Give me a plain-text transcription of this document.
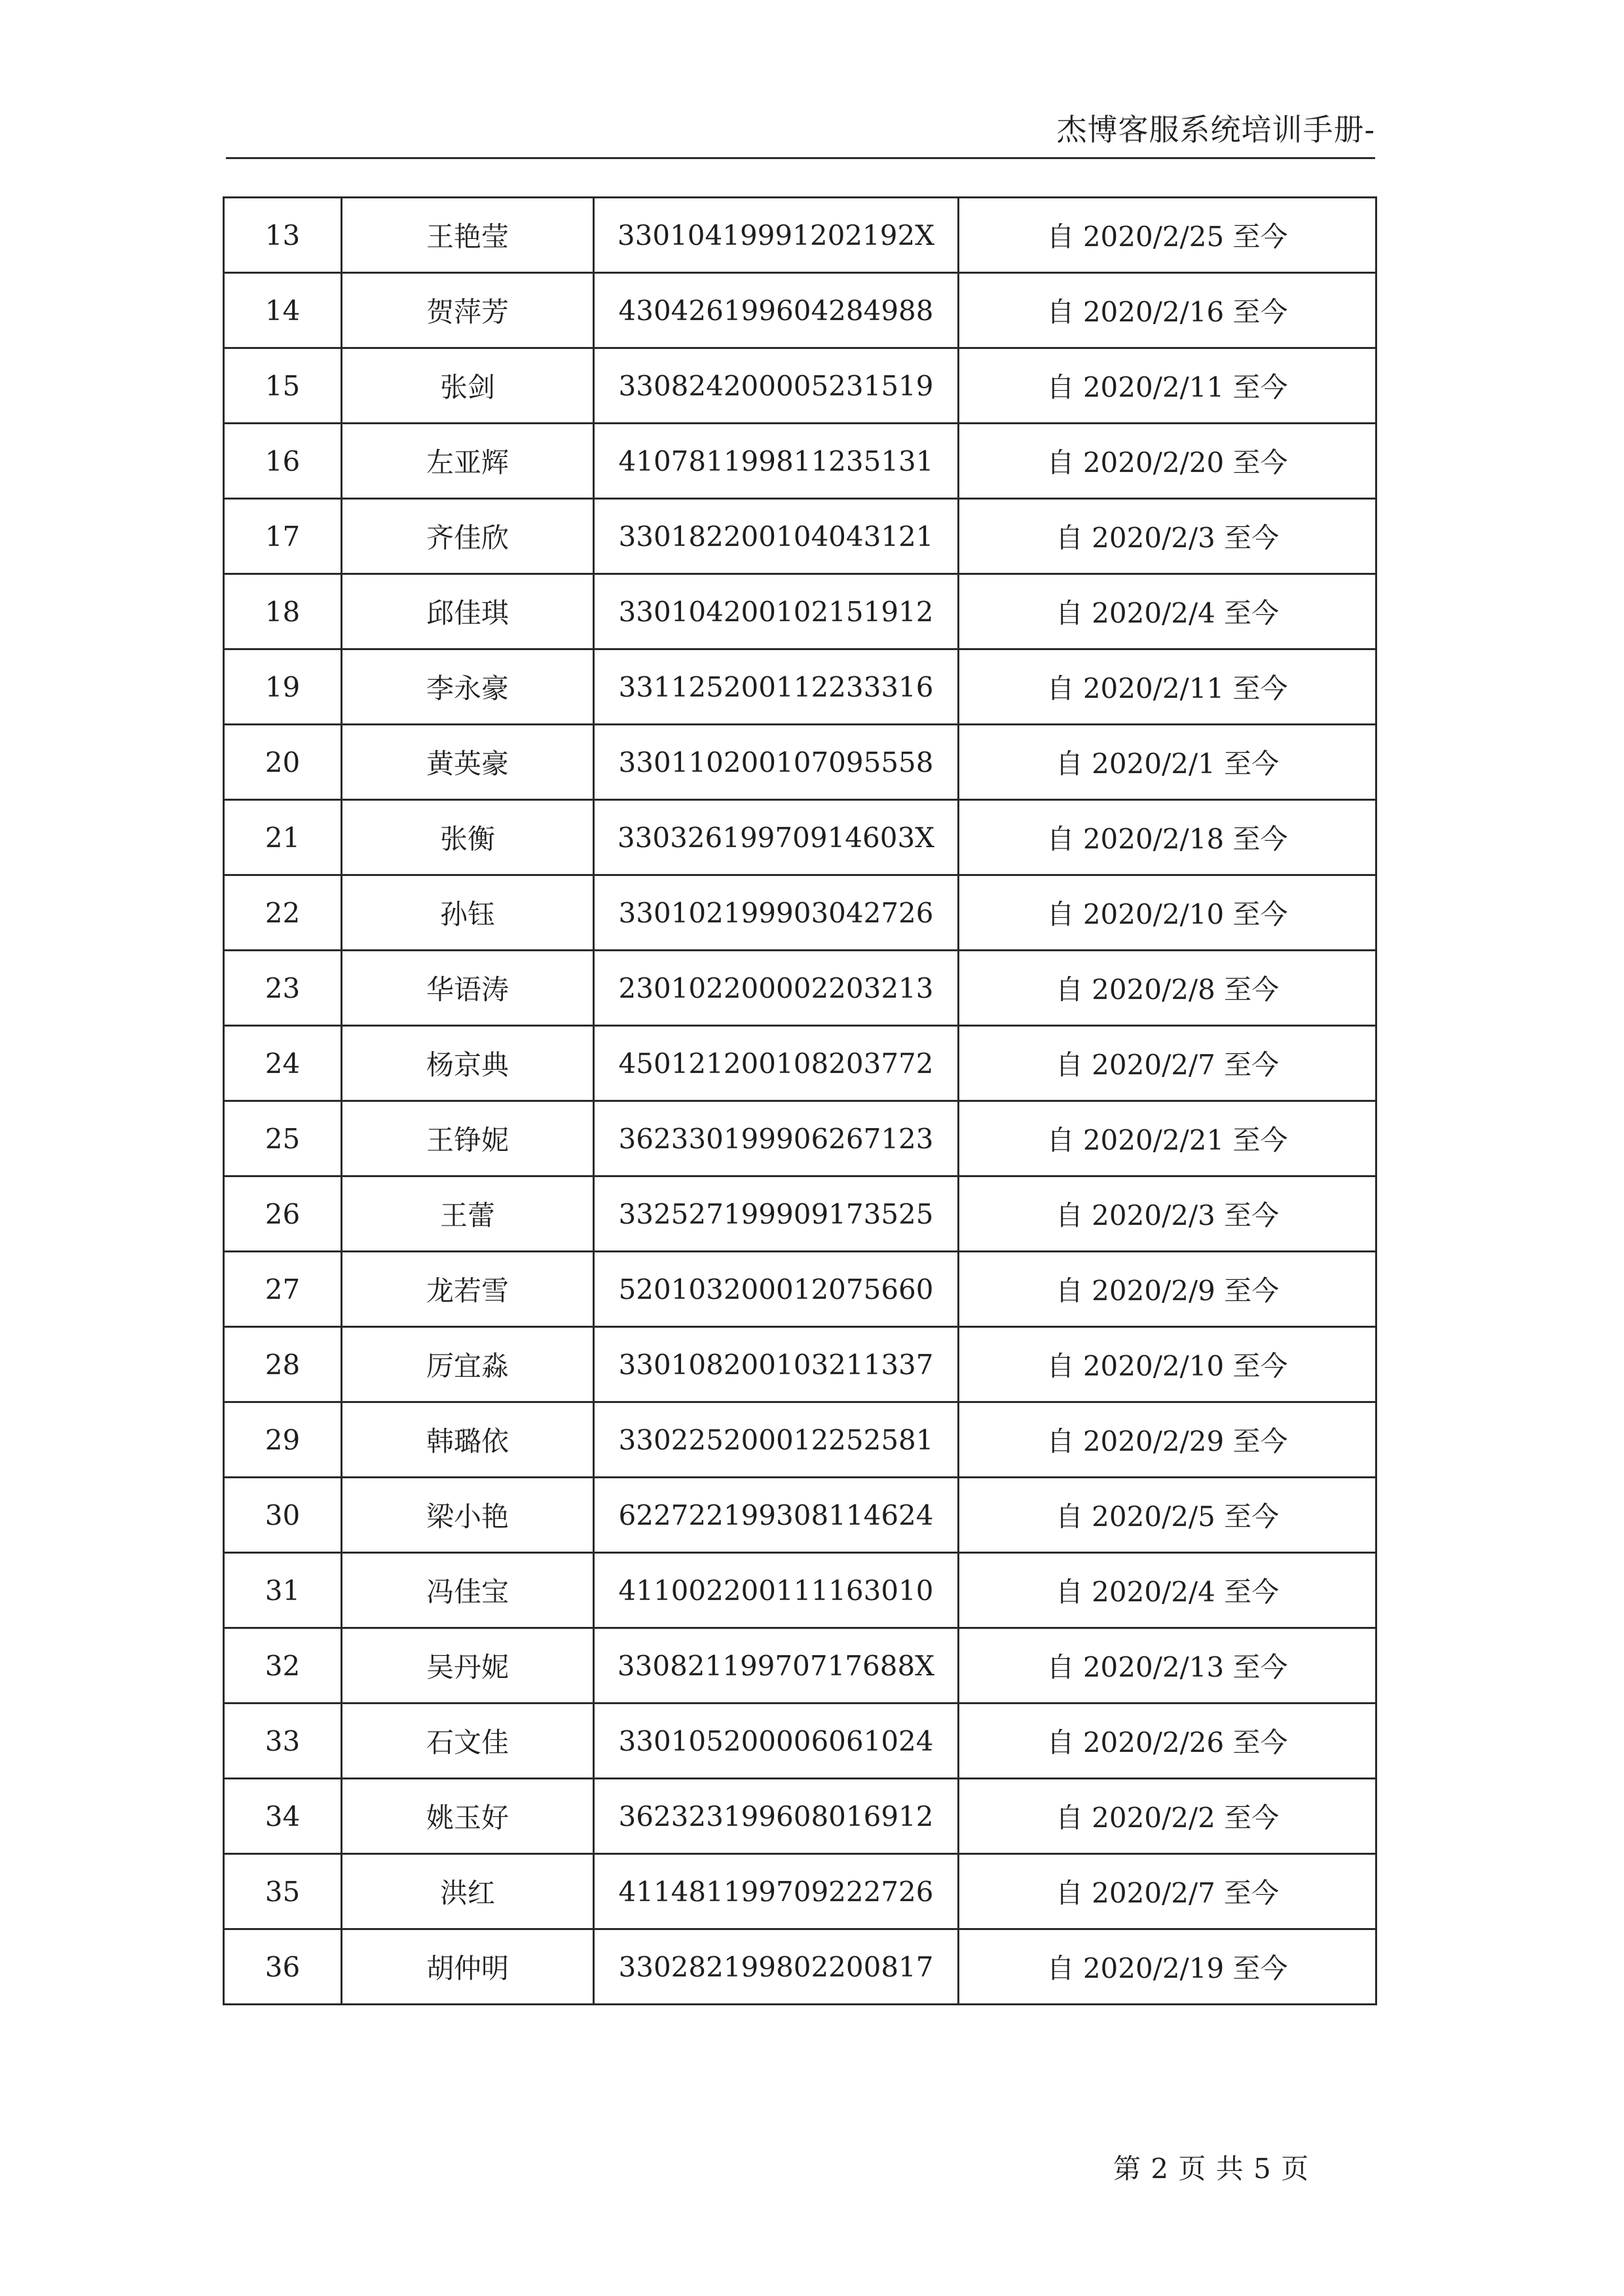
杰博客服系统培训手册-
13	王艳莹	33010419991202192X	自 2020/2/25 至今
14	贺萍芳	430426199604284988	自 2020/2/16 至今
15	张剑	330824200005231519	自 2020/2/11 至今
16	左亚辉	410781199811235131	自 2020/2/20 至今
17	齐佳欣	330182200104043121	自 2020/2/3 至今
18	邱佳琪	330104200102151912	自 2020/2/4 至今
19	李永豪	331125200112233316	自 2020/2/11 至今
20	黄英豪	330110200107095558	自 2020/2/1 至今
21	张衡	33032619970914603X	自 2020/2/18 至今
22	孙钰	330102199903042726	自 2020/2/10 至今
23	华语涛	230102200002203213	自 2020/2/8 至今
24	杨京典	450121200108203772	自 2020/2/7 至今
25	王铮妮	362330199906267123	自 2020/2/21 至今
26	王蕾	332527199909173525	自 2020/2/3 至今
27	龙若雪	520103200012075660	自 2020/2/9 至今
28	厉宜淼	330108200103211337	自 2020/2/10 至今
29	韩璐依	330225200012252581	自 2020/2/29 至今
30	梁小艳	622722199308114624	自 2020/2/5 至今
31	冯佳宝	411002200111163010	自 2020/2/4 至今
32	吴丹妮	33082119970717688X	自 2020/2/13 至今
33	石文佳	330105200006061024	自 2020/2/26 至今
34	姚玉好	362323199608016912	自 2020/2/2 至今
35	洪红	411481199709222726	自 2020/2/7 至今
36	胡仲明	330282199802200817	自 2020/2/19 至今
第 2 页 共 5 页
